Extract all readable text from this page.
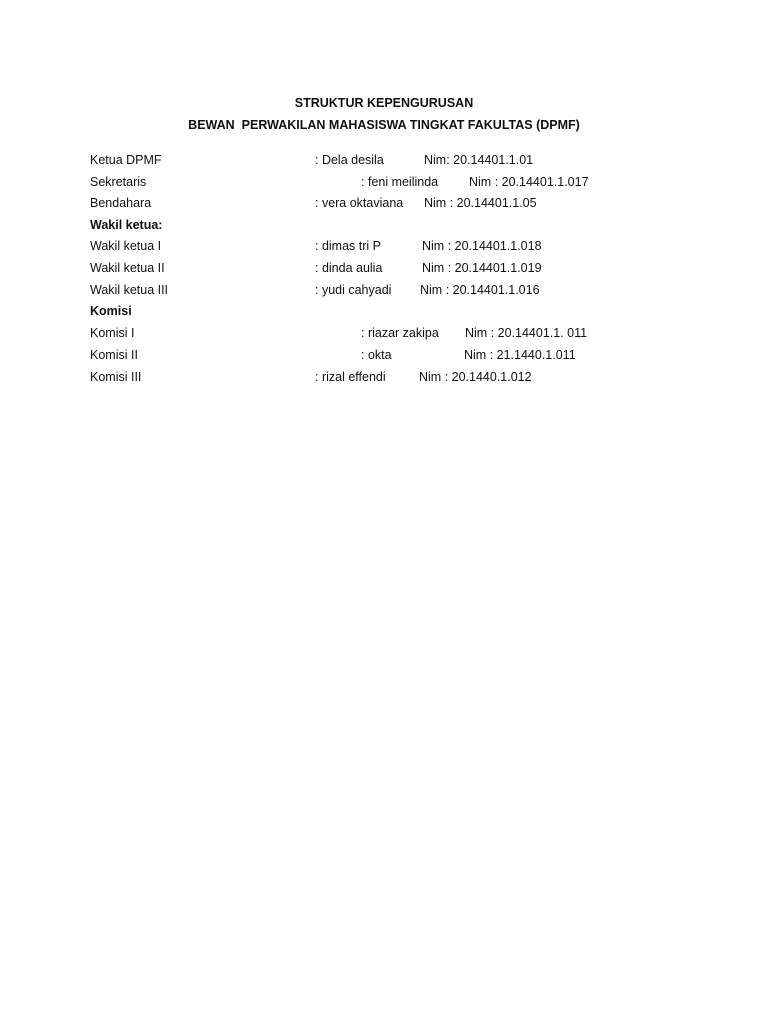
STRUKTUR KEPENGURUSAN
BEWAN  PERWAKILAN MAHASISWA TINGKAT FAKULTAS (DPMF)
Ketua DPMF	: Dela desila	Nim: 20.14401.1.01
Sekretaris	: feni meilinda Nim : 20.14401.1.017
Bendahara	: vera oktaviana Nim : 20.14401.1.05
Wakil ketua:
Wakil ketua I	: dimas tri P	Nim : 20.14401.1.018
Wakil ketua II	: dinda aulia	Nim : 20.14401.1.019
Wakil ketua III	: yudi cahyadi Nim : 20.14401.1.016
Komisi
Komisi I	: riazar zakipa Nim : 20.14401.1. 011
Komisi II	: okta	Nim : 21.1440.1.011
Komisi III	: rizal effendi	Nim : 20.1440.1.012
